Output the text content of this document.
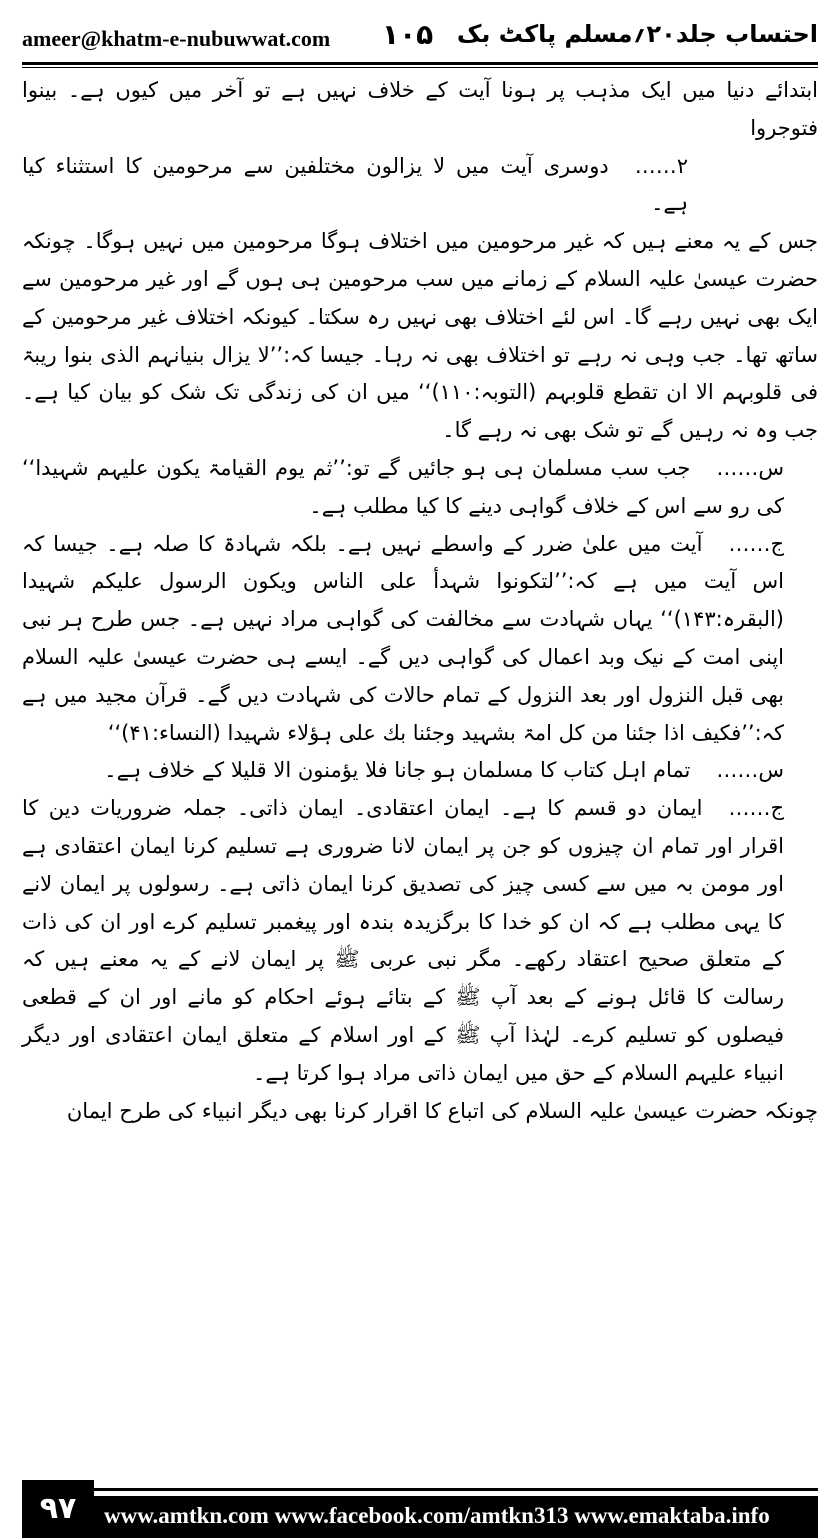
ameer@khatm-e-nubuwwat.com ۱۰۵ احتساب جلد۲۰؍مسلم پاکٹ بک

ابتدائے دنیا میں ایک مذہب پر ہونا آیت کے خلاف نہیں ہے تو آخر میں کیوں ہے۔ بینوا فتوجروا

۲……دوسری آیت میں لا یزالون مختلفین سے مرحومین کا استثناء کیا ہے۔

جس کے یہ معنے ہیں کہ غیر مرحومین میں اختلاف ہوگا مرحومین میں نہیں ہوگا۔ چونکہ حضرت عیسیٰ علیہ السلام کے زمانے میں سب مرحومین ہی ہوں گے اور غیر مرحومین سے ایک بھی نہیں رہے گا۔ اس لئے اختلاف بھی نہیں رہ سکتا۔ کیونکہ اختلاف غیر مرحومین کے ساتھ تھا۔ جب وہی نہ رہے تو اختلاف بھی نہ رہا۔ جیسا کہ:’’لا یزال بنیانہم الذی بنوا ریبۃ فی قلوبہم الا ان تقطع قلوبہم (التوبہ:۱۱۰)‘‘ میں ان کی زندگی تک شک کو بیان کیا ہے۔ جب وہ نہ رہیں گے تو شک بھی نہ رہے گا۔

س……جب سب مسلمان ہی ہو جائیں گے تو:’’ثم یوم القیامۃ یکون علیہم شہیدا‘‘ کی رو سے اس کے خلاف گواہی دینے کا کیا مطلب ہے۔

ج……آیت میں علیٰ ضرر کے واسطے نہیں ہے۔ بلکہ شہادۃ کا صلہ ہے۔ جیسا کہ اس آیت میں ہے کہ:’’لتکونوا شہدأ علی الناس ویکون الرسول علیکم شہیدا (البقرہ:۱۴۳)‘‘ یہاں شہادت سے مخالفت کی گواہی مراد نہیں ہے۔ جس طرح ہر نبی اپنی امت کے نیک وبد اعمال کی گواہی دیں گے۔ ایسے ہی حضرت عیسیٰ علیہ السلام بھی قبل النزول اور بعد النزول کے تمام حالات کی شہادت دیں گے۔ قرآن مجید میں ہے کہ:’’فکیف اذا جئنا من کل امۃ بشہید وجئنا بك علی ہؤلاء شہیدا (النساء:۴۱)‘‘

س……تمام اہل کتاب کا مسلمان ہو جانا فلا یؤمنون الا قلیلا کے خلاف ہے۔

ج……ایمان دو قسم کا ہے۔ ایمان اعتقادی۔ ایمان ذاتی۔ جملہ ضروریات دین کا اقرار اور تمام ان چیزوں کو جن پر ایمان لانا ضروری ہے تسلیم کرنا ایمان اعتقادی ہے اور مومن بہ میں سے کسی چیز کی تصدیق کرنا ایمان ذاتی ہے۔ رسولوں پر ایمان لانے کا یہی مطلب ہے کہ ان کو خدا کا برگزیدہ بندہ اور پیغمبر تسلیم کرے اور ان کی ذات کے متعلق صحیح اعتقاد رکھے۔ مگر نبی عربی ﷺ پر ایمان لانے کے یہ معنے ہیں کہ رسالت کا قائل ہونے کے بعد آپ ﷺ کے بتائے ہوئے احکام کو مانے اور ان کے قطعی فیصلوں کو تسلیم کرے۔ لہٰذا آپ ﷺ کے اور اسلام کے متعلق ایمان اعتقادی اور دیگر انبیاء علیہم السلام کے حق میں ایمان ذاتی مراد ہوا کرتا ہے۔

چونکہ حضرت عیسیٰ علیہ السلام کی اتباع کا اقرار کرنا بھی دیگر انبیاء کی طرح ایمان

۹۷	www.amtkn.com www.facebook.com/amtkn313 www.emaktaba.info
